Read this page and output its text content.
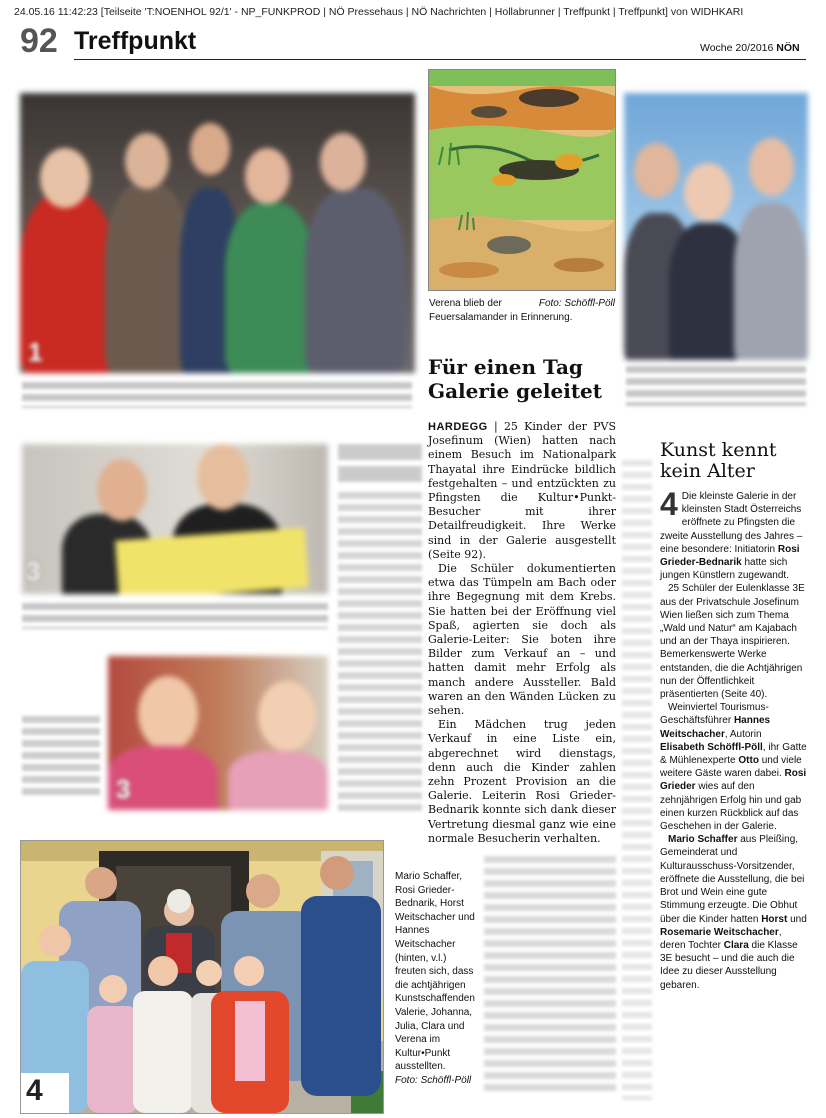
24.05.16 11:42:23 [Teilseite 'T:NOENHOL 92/1' - NP_FUNKPROD | NÖ Pressehaus | NÖ Nachrichten | Hollabrunner | Treffpunkt | Treffpunkt] von WIDHKARI
92 Treffpunkt	Woche 20/2016 NÖN
1
Foto: Schöffl-Pöll
Verena blieb der Feuersalamander in Erinnerung.
3
3
Für einen Tag Galerie geleitet

HARDEGG | 25 Kinder der PVS Josefinum (Wien) hatten nach einem Besuch im Nationalpark Thayatal ihre Eindrücke bildlich festgehalten – und entzückten zu Pfingsten die Kultur•Punkt-Besucher mit ihrer Detailfreudigkeit. Ihre Werke sind in der Galerie ausgestellt (Seite 92).

Die Schüler dokumentierten etwa das Tümpeln am Bach oder ihre Begegnung mit dem Krebs. Sie hatten bei der Eröffnung viel Spaß, agierten sie doch als Galerie-Leiter: Sie boten ihre Bilder zum Verkauf an – und hatten damit mehr Erfolg als manch andere Aussteller. Bald waren an den Wänden Lücken zu sehen.

Ein Mädchen trug jeden Verkauf in eine Liste ein, abgerechnet wird dienstags, denn auch die Kinder zahlen zehn Prozent Provision an die Galerie. Leiterin Rosi Grieder-Bednarik konnte sich dank dieser Vertretung diesmal ganz wie eine normale Besucherin verhalten.

Kunst kennt kein Alter

4 Die kleinste Galerie in der kleinsten Stadt Österreichs eröffnete zu Pfingsten die zweite Ausstellung des Jahres – eine besondere: Initiatorin Rosi Grieder-Bednarik hatte sich jungen Künstlern zugewandt.

25 Schüler der Eulenklasse 3E aus der Privatschule Josefinum Wien ließen sich zum Thema „Wald und Natur“ am Kajabach und an der Thaya inspirieren. Bemerkenswerte Werke entstanden, die die Achtjährigen nun der Öffentlichkeit präsentierten (Seite 40).

Weinviertel Tourismus-Geschäftsführer Hannes Weitschacher, Autorin Elisabeth Schöffl-Pöll, ihr Gatte & Mühlenexperte Otto und viele weitere Gäste waren dabei. Rosi Grieder wies auf den zehnjährigen Erfolg hin und gab einen kurzen Rückblick auf das Geschehen in der Galerie.

Mario Schaffer aus Pleißing, Gemeinderat und Kulturausschuss-Vorsitzender, eröffnete die Ausstellung, die bei Brot und Wein eine gute Stimmung erzeugte. Die Obhut über die Kinder hatten Horst und Rosemarie Weitschacher, deren Tochter Clara die Klasse 3E besucht – und die auch die Idee zu dieser Ausstellung gebaren.

4
Mario Schaffer, Rosi Grieder-Bednarik, Horst Weitschacher und Hannes Weitschacher (hinten, v.l.) freuten sich, dass die achtjährigen Kunstschaffenden Valerie, Johanna, Julia, Clara und Verena im Kultur•Punkt ausstellten.
Foto: Schöffl-Pöll
